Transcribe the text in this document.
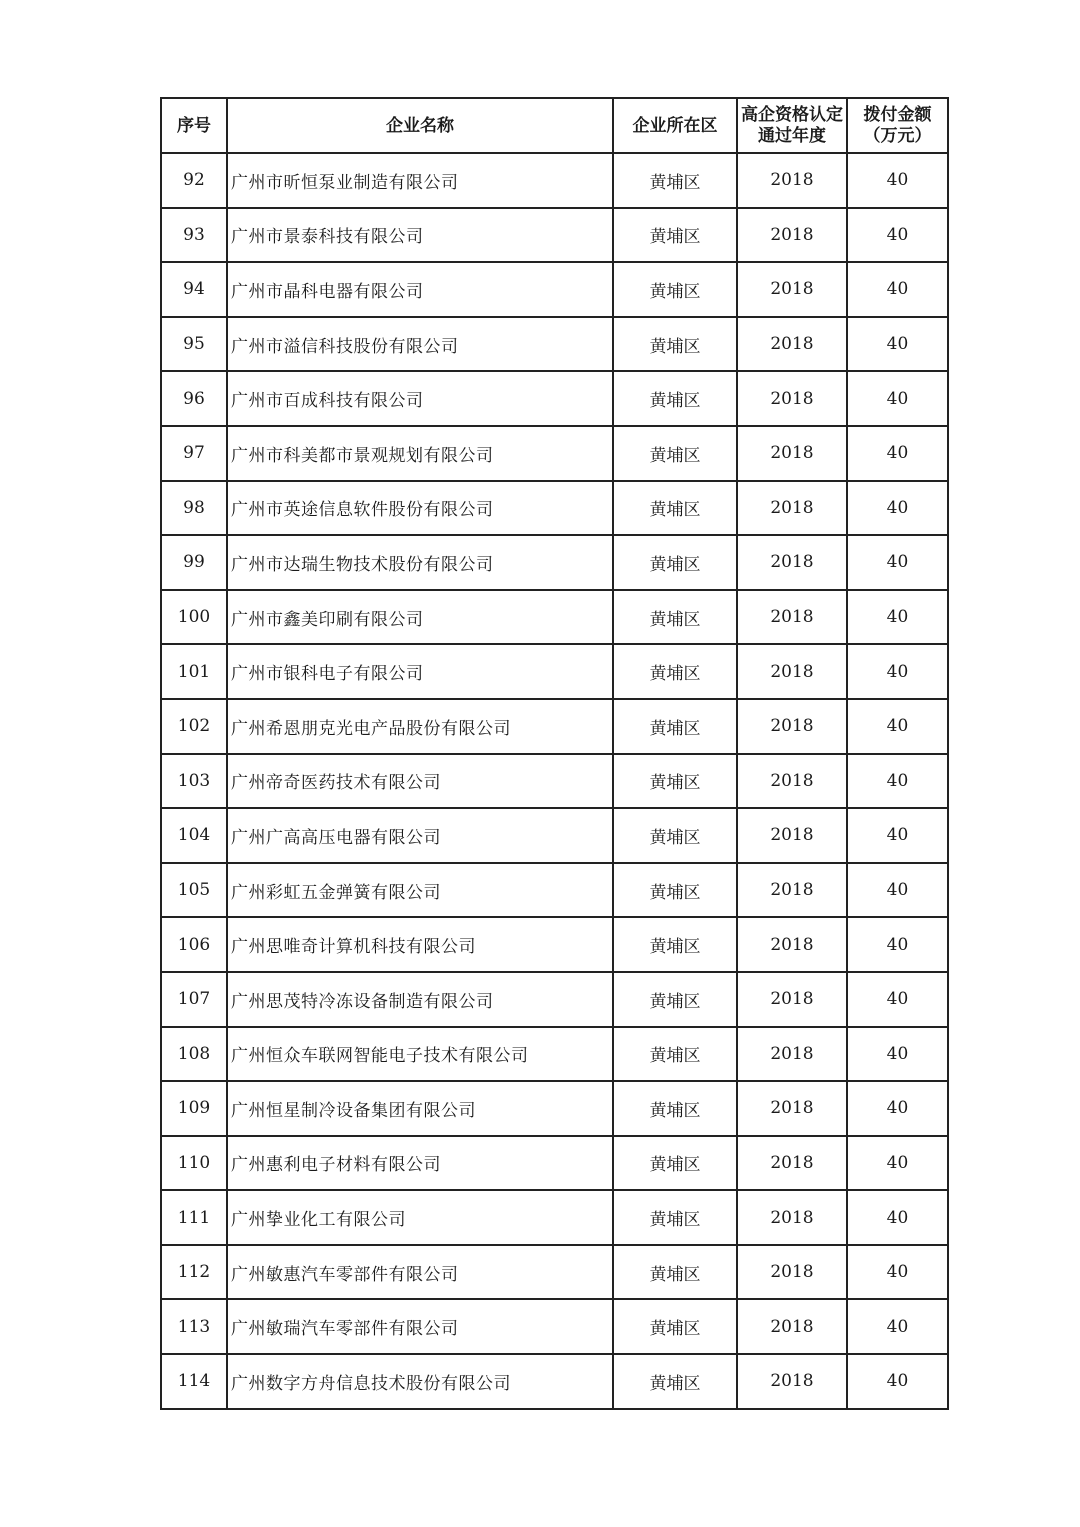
序号	企业名称	企业所在区	高企资格认定通过年度	拨付金额（万元）
92	广州市昕恒泵业制造有限公司	黄埔区	2018	40
93	广州市景泰科技有限公司	黄埔区	2018	40
94	广州市晶科电器有限公司	黄埔区	2018	40
95	广州市溢信科技股份有限公司	黄埔区	2018	40
96	广州市百成科技有限公司	黄埔区	2018	40
97	广州市科美都市景观规划有限公司	黄埔区	2018	40
98	广州市英途信息软件股份有限公司	黄埔区	2018	40
99	广州市达瑞生物技术股份有限公司	黄埔区	2018	40
100	广州市鑫美印刷有限公司	黄埔区	2018	40
101	广州市银科电子有限公司	黄埔区	2018	40
102	广州希恩朋克光电产品股份有限公司	黄埔区	2018	40
103	广州帝奇医药技术有限公司	黄埔区	2018	40
104	广州广高高压电器有限公司	黄埔区	2018	40
105	广州彩虹五金弹簧有限公司	黄埔区	2018	40
106	广州思唯奇计算机科技有限公司	黄埔区	2018	40
107	广州思茂特冷冻设备制造有限公司	黄埔区	2018	40
108	广州恒众车联网智能电子技术有限公司	黄埔区	2018	40
109	广州恒星制冷设备集团有限公司	黄埔区	2018	40
110	广州惠利电子材料有限公司	黄埔区	2018	40
111	广州挚业化工有限公司	黄埔区	2018	40
112	广州敏惠汽车零部件有限公司	黄埔区	2018	40
113	广州敏瑞汽车零部件有限公司	黄埔区	2018	40
114	广州数字方舟信息技术股份有限公司	黄埔区	2018	40
